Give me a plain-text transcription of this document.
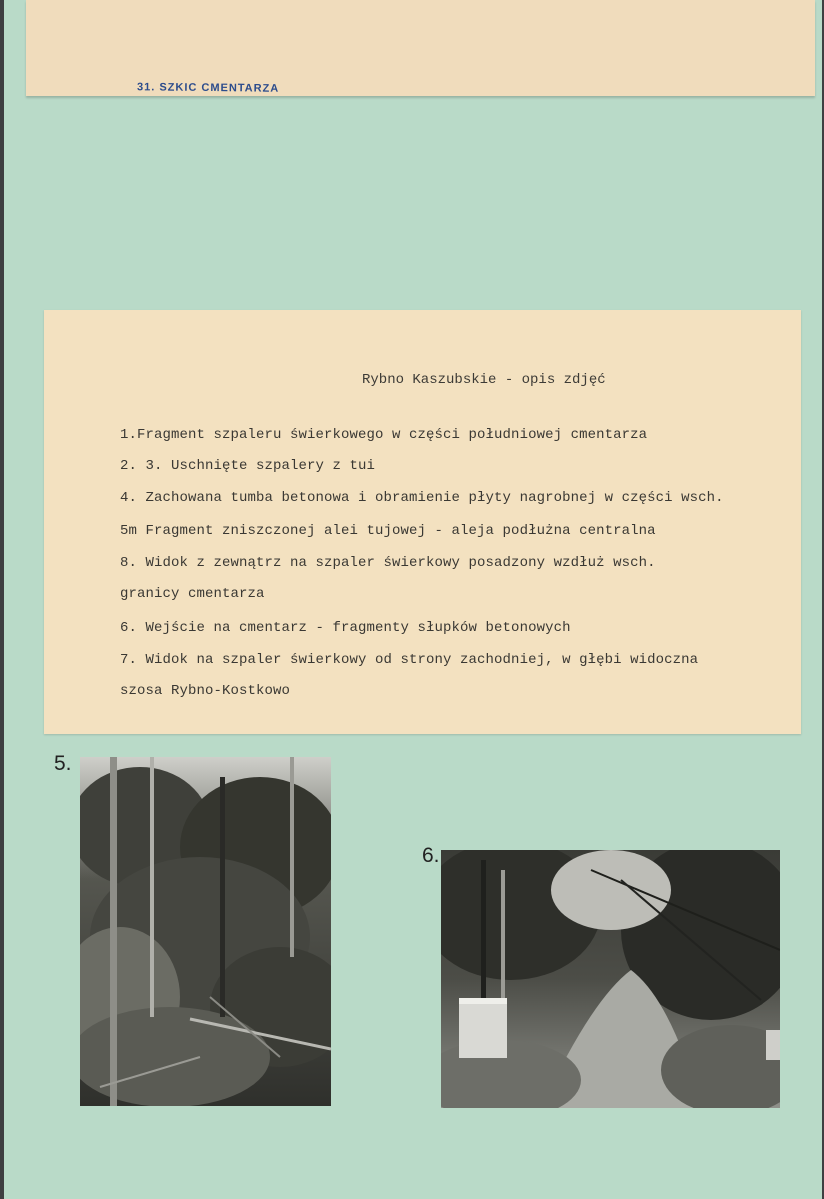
31. SZKIC CMENTARZA
Rybno Kaszubskie - opis zdjęć
1.Fragment szpaleru świerkowego w części południowej cmentarza
2. 3. Uschnięte szpalery z tui
4. Zachowana tumba betonowa i obramienie płyty nagrobnej w części wsch.
5m Fragment zniszczonej alei tujowej - aleja podłużna centralna
8. Widok z zewnątrz na szpaler świerkowy posadzony wzdłuż wsch.
granicy cmentarza
6. Wejście na cmentarz - fragmenty słupków betonowych
7. Widok na szpaler świerkowy od strony zachodniej, w głębi widoczna
szosa Rybno-Kostkowo
5.
6.
